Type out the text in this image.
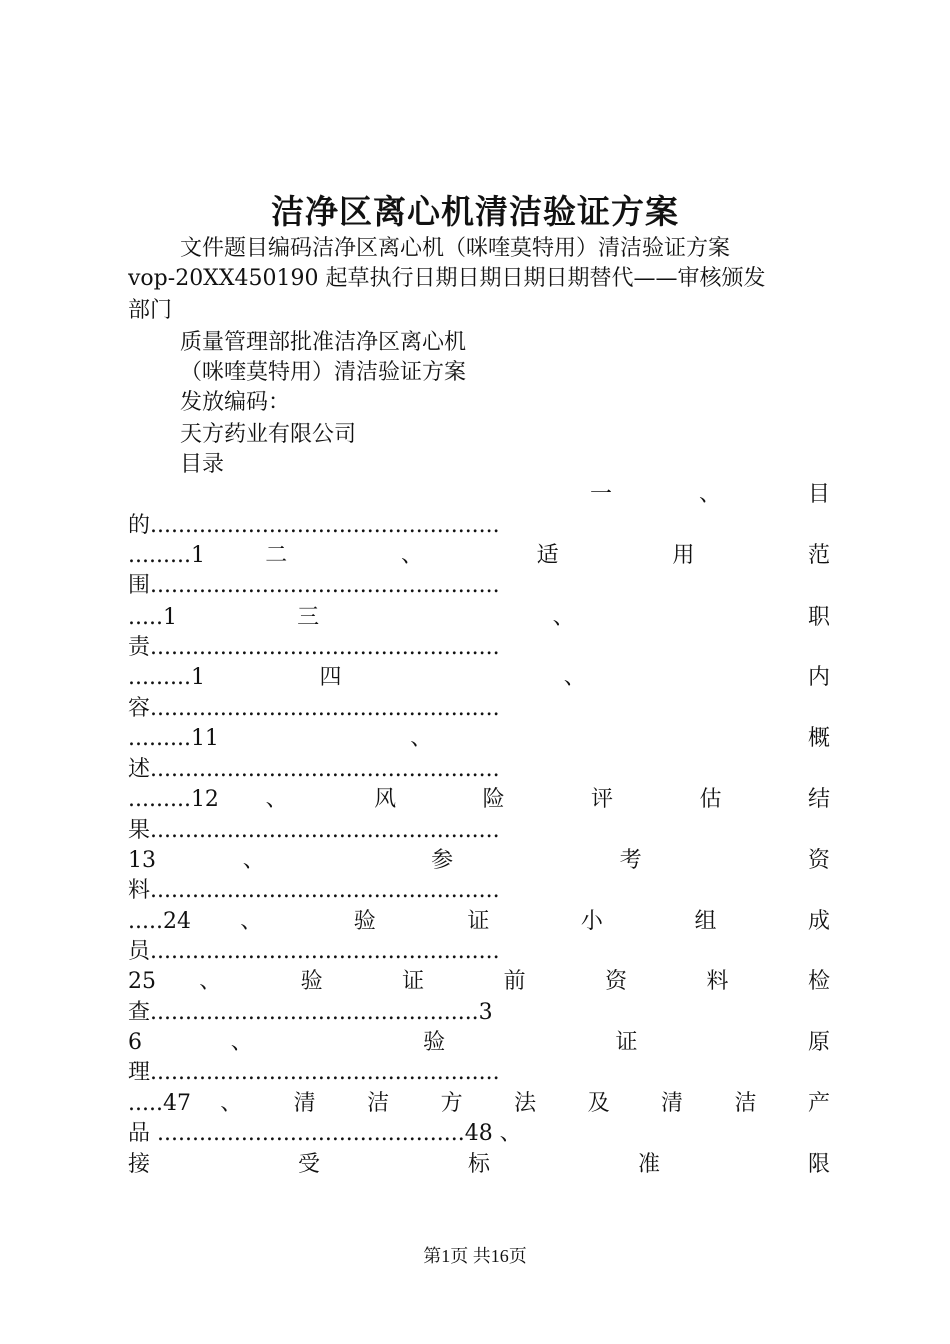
洁净区离心机清洁验证方案
文件题目编码洁净区离心机（咪喹莫特用）清洁验证方案
vop-20XX450190 起草执行日期日期日期日期替代——审核颁发
部门
质量管理部批准洁净区离心机
（咪喹莫特用）清洁验证方案
发放编码：
天方药业有限公司
目录
一 、 目
的..................................................
.........1 二 、 适 用 范
围..................................................
.....1 三 、 职
责..................................................
.........1 四 、 内
容..................................................
.........11 、 概
述..................................................
.........12 、 风 险 评 估 结
果..................................................
13 、 参 考 资
料..................................................
.....24 、 验 证 小 组 成
员..................................................
25 、 验 证 前 资 料 检
查...............................................3
6 、 验 证 原
理..................................................
.....47 、 清 洁 方 法 及 清 洁 产
品 ............................................48 、
接 受 标 准 限
第1页 共16页
